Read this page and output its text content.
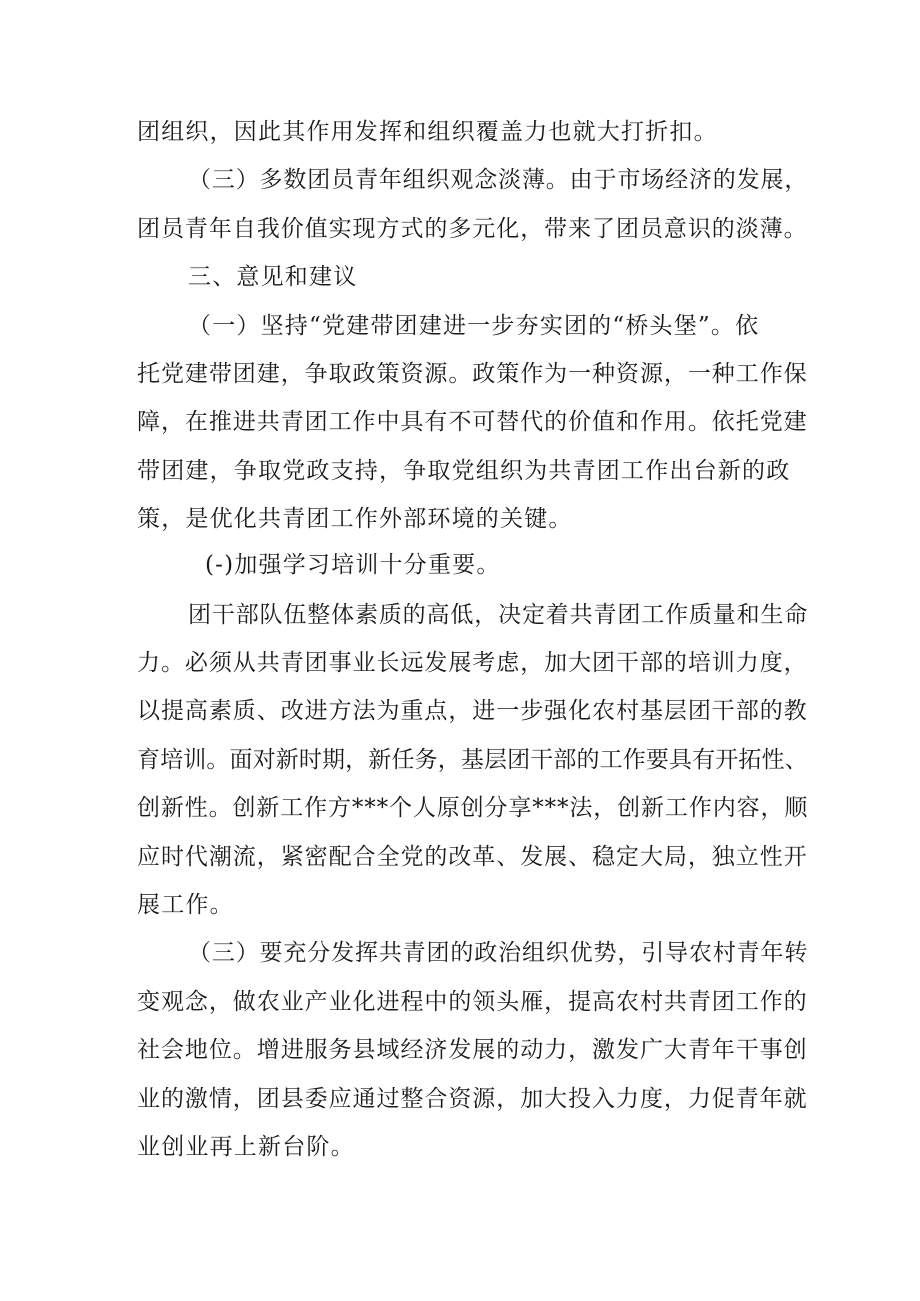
团组织，因此其作用发挥和组织覆盖力也就大打折扣。
（三）多数团员青年组织观念淡薄。由于市场经济的发展，
团员青年自我价值实现方式的多元化，带来了团员意识的淡薄。
三、意见和建议
（一）坚持“党建带团建进一步夯实团的“桥头堡”。依
托党建带团建，争取政策资源。政策作为一种资源，一种工作保
障，在推进共青团工作中具有不可替代的价值和作用。依托党建
带团建，争取党政支持，争取党组织为共青团工作出台新的政
策，是优化共青团工作外部环境的关键。
(-)加强学习培训十分重要。
团干部队伍整体素质的高低，决定着共青团工作质量和生命
力。必须从共青团事业长远发展考虑，加大团干部的培训力度，
以提高素质、改进方法为重点，进一步强化农村基层团干部的教
育培训。面对新时期，新任务，基层团干部的工作要具有开拓性、
创新性。创新工作方***个人原创分享***法，创新工作内容，顺
应时代潮流，紧密配合全党的改革、发展、稳定大局，独立性开
展工作。
（三）要充分发挥共青团的政治组织优势，引导农村青年转
变观念，做农业产业化进程中的领头雁，提高农村共青团工作的
社会地位。增进服务县域经济发展的动力，激发广大青年干事创
业的激情，团县委应通过整合资源，加大投入力度，力促青年就
业创业再上新台阶。
